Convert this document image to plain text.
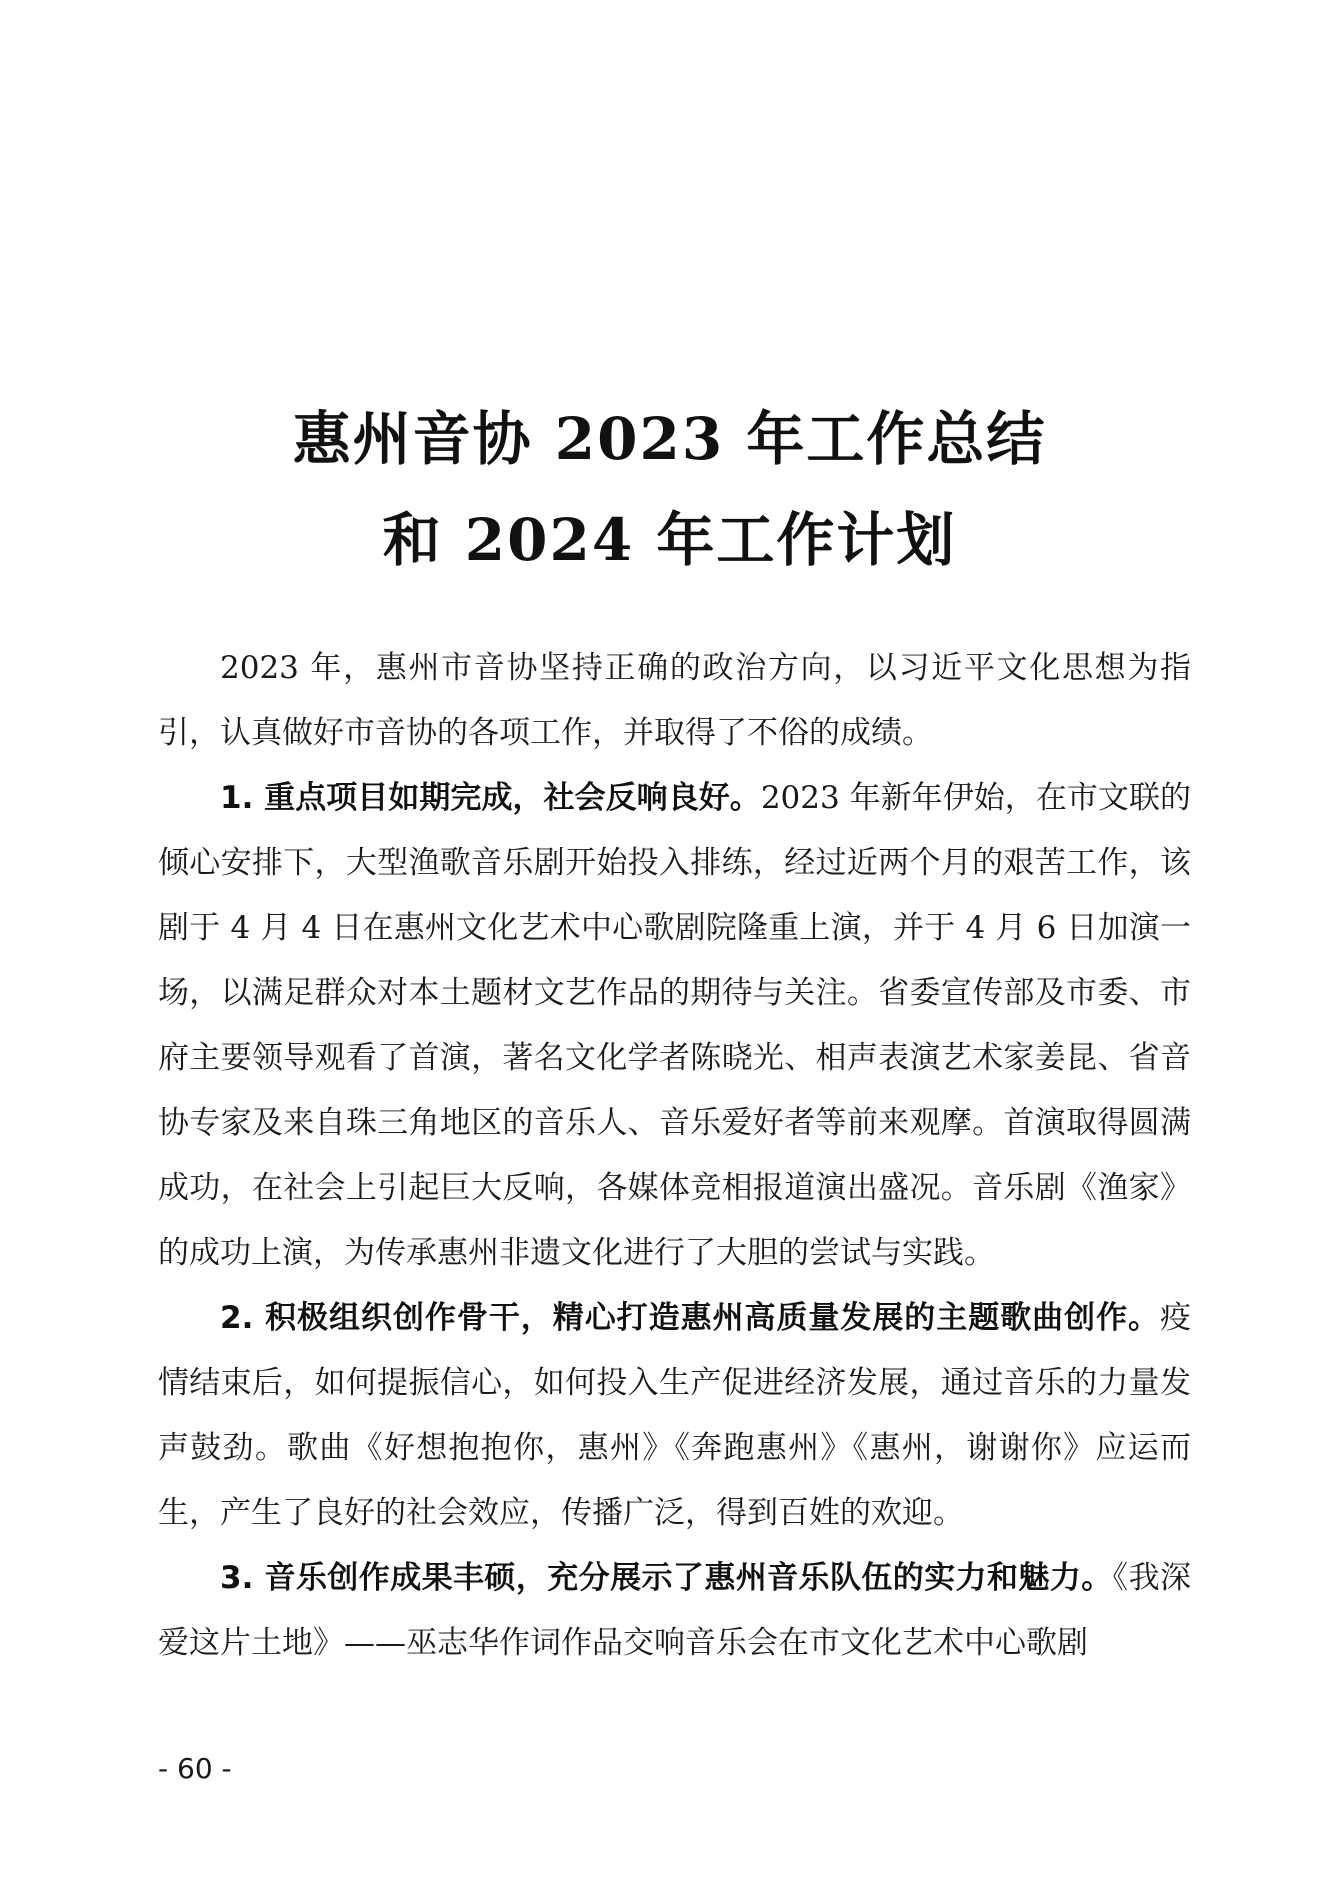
惠州音协 2023 年工作总结
和 2024 年工作计划

2023 年，惠州市音协坚持正确的政治方向，以习近平文化思想为指引，认真做好市音协的各项工作，并取得了不俗的成绩。

1. 重点项目如期完成，社会反响良好。2023 年新年伊始，在市文联的倾心安排下，大型渔歌音乐剧开始投入排练，经过近两个月的艰苦工作，该剧于 4 月 4 日在惠州文化艺术中心歌剧院隆重上演，并于 4 月 6 日加演一场，以满足群众对本土题材文艺作品的期待与关注。省委宣传部及市委、市府主要领导观看了首演，著名文化学者陈晓光、相声表演艺术家姜昆、省音协专家及来自珠三角地区的音乐人、音乐爱好者等前来观摩。首演取得圆满成功，在社会上引起巨大反响，各媒体竞相报道演出盛况。音乐剧《渔家》的成功上演，为传承惠州非遗文化进行了大胆的尝试与实践。

2. 积极组织创作骨干，精心打造惠州高质量发展的主题歌曲创作。疫情结束后，如何提振信心，如何投入生产促进经济发展，通过音乐的力量发声鼓劲。歌曲《好想抱抱你，惠州》《奔跑惠州》《惠州，谢谢你》应运而生，产生了良好的社会效应，传播广泛，得到百姓的欢迎。

3. 音乐创作成果丰硕，充分展示了惠州音乐队伍的实力和魅力。《我深爱这片土地》——巫志华作词作品交响音乐会在市文化艺术中心歌剧

- 60 -
